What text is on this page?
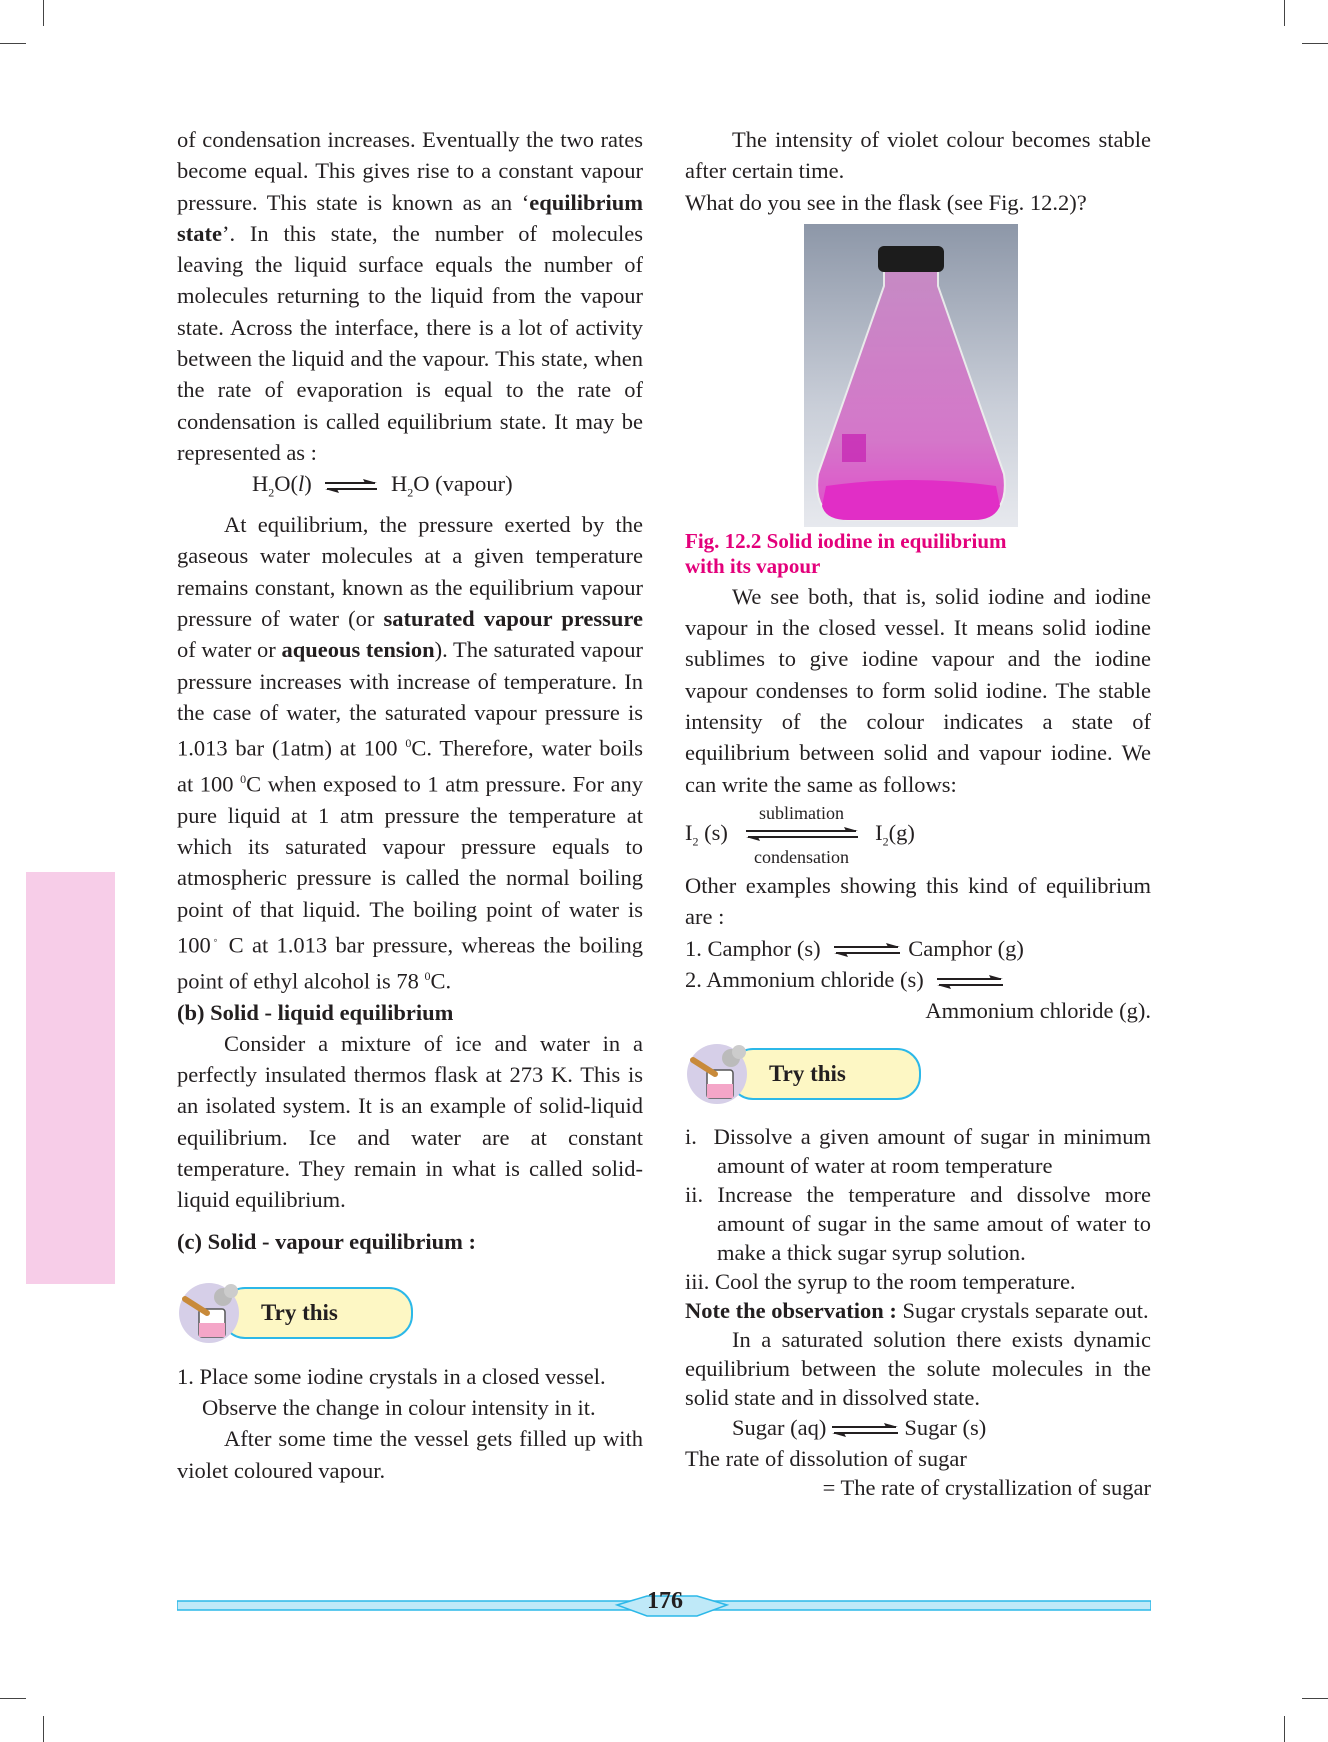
of condensation increases. Eventually the two rates become equal. This gives rise to a constant vapour pressure. This state is known as an ‘equilibrium state’. In this state, the number of molecules leaving the liquid surface equals the number of molecules returning to the liquid from the vapour state. Across the interface, there is a lot of activity between the liquid and the vapour. This state, when the rate of evaporation is equal to the rate of condensation is called equilibrium state. It may be represented as :

$H_2O(l)$ ⇌ $H_2O$ (vapour)

At equilibrium, the pressure exerted by the gaseous water molecules at a given temperature remains constant, known as the equilibrium vapour pressure of water (or saturated vapour pressure of water or aqueous tension). The saturated vapour pressure increases with increase of temperature. In the case of water, the saturated vapour pressure is 1.013 bar (1atm) at 100 $^0$C. Therefore, water boils at 100 $^0$C when exposed to 1 atm pressure. For any pure liquid at 1 atm pressure the temperature at which its saturated vapour pressure equals to atmospheric pressure is called the normal boiling point of that liquid. The boiling point of water is 100◦ C at 1.013 bar pressure, whereas the boiling point of ethyl alcohol is 78 $^0$C.

(b) Solid - liquid equilibrium

Consider a mixture of ice and water in a perfectly insulated thermos flask at 273 K. This is an isolated system. It is an example of solid-liquid equilibrium. Ice and water are at constant temperature. They remain in what is called solid-liquid equilibrium.

(c) Solid - vapour equilibrium :

Try this

1. Place some iodine crystals in a closed vessel.

Observe the change in colour intensity in it.

After some time the vessel gets filled up with violet coloured vapour.

The intensity of violet colour becomes stable after certain time.

What do you see in the flask (see Fig. 12.2)?

Fig. 12.2 Solid iodine in equilibrium

with its vapour

We see both, that is, solid iodine and iodine vapour in the closed vessel. It means solid iodine sublimes to give iodine vapour and the iodine vapour condenses to form solid iodine. The stable intensity of the colour indicates a state of equilibrium between solid and vapour iodine. We can write the same as follows:

$I_2$ (s) sublimation

condensation $I_2(g)$

Other examples showing this kind of equilibrium are :

1. Camphor (s) ⇌ Camphor (g)
2. Ammonium chloride (s) ⇌
Ammonium chloride (g).
Try this

i. Dissolve a given amount of sugar in minimum amount of water at room temperature

ii. Increase the temperature and dissolve more amount of sugar in the same amout of water to make a thick sugar syrup solution.

iii. Cool the syrup to the room temperature.

Note the observation : Sugar crystals separate out.

In a saturated solution there exists dynamic equilibrium between the solute molecules in the solid state and in dissolved state.

Sugar (aq) ⇌ Sugar (s)

The rate of dissolution of sugar

= The rate of crystallization of sugar

176
